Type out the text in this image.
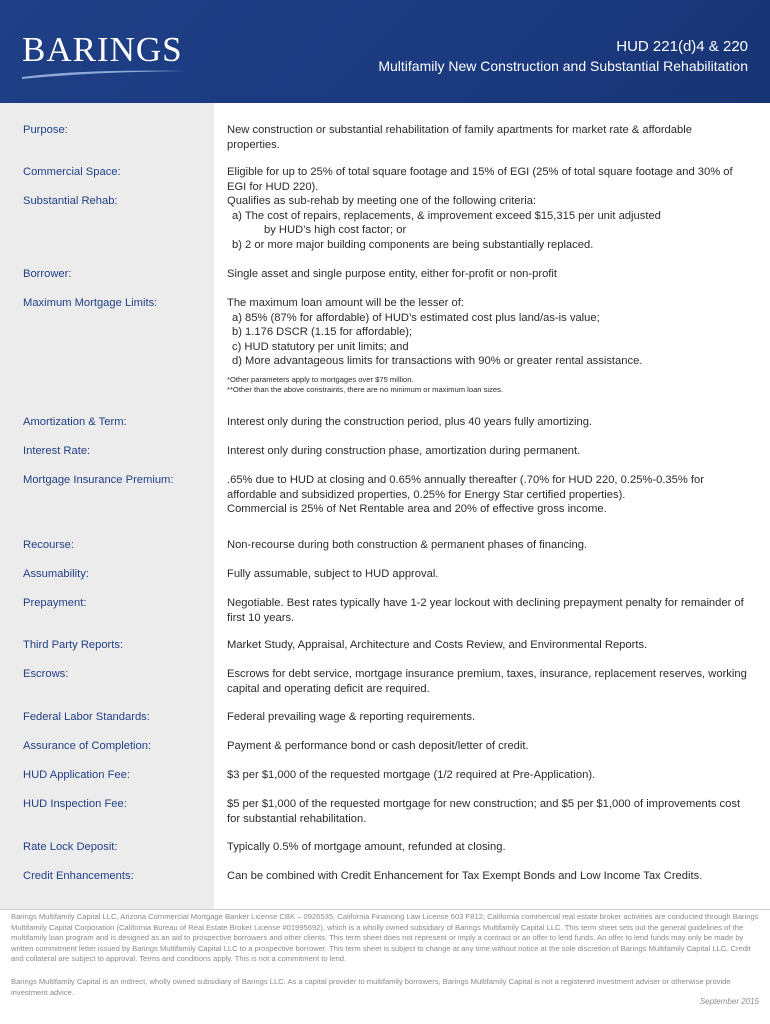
BARINGS	HUD 221(d)4 & 220
Multifamily New Construction and Substantial Rehabilitation
Purpose:	New construction or substantial rehabilitation of family apartments for market rate & affordable properties.
Commercial Space:	Eligible for up to 25% of total square footage and 15% of EGI (25% of total square footage and 30% of EGI for HUD 220).
Substantial Rehab:	Qualifies as sub-rehab by meeting one of the following criteria:
a) The cost of repairs, replacements, & improvement exceed $15,315 per unit adjusted
by HUD’s high cost factor; or
b) 2 or more major building components are being substantially replaced.
Borrower:	Single asset and single purpose entity, either for-profit or non-profit
Maximum Mortgage Limits:	The maximum loan amount will be the lesser of:
a) 85% (87% for affordable) of HUD’s estimated cost plus land/as-is value;
b) 1.176 DSCR (1.15 for affordable);
c) HUD statutory per unit limits; and
d) More advantageous limits for transactions with 90% or greater rental assistance.
*Other parameters apply to mortgages over $75 million.
**Other than the above constraints, there are no minimum or maximum loan sizes.
Amortization & Term:	Interest only during the construction period, plus 40 years fully amortizing.
Interest Rate:	Interest only during construction phase, amortization during permanent.
Mortgage Insurance Premium:	.65% due to HUD at closing and 0.65% annually thereafter (.70% for HUD 220, 0.25%-0.35% for affordable and subsidized properties, 0.25% for Energy Star certified properties).
Commercial is 25% of Net Rentable area and 20% of effective gross income.
Recourse:	Non-recourse during both construction & permanent phases of financing.
Assumability:	Fully assumable, subject to HUD approval.
Prepayment:	Negotiable. Best rates typically have 1-2 year lockout with declining prepayment penalty for remainder of first 10 years.
Third Party Reports:	Market Study, Appraisal, Architecture and Costs Review, and Environmental Reports.
Escrows:	Escrows for debt service, mortgage insurance premium, taxes, insurance, replacement reserves, working capital and operating deficit are required.
Federal Labor Standards:	Federal prevailing wage & reporting requirements.
Assurance of Completion:	Payment & performance bond or cash deposit/letter of credit.
HUD Application Fee:	$3 per $1,000 of the requested mortgage (1/2 required at Pre-Application).
HUD Inspection Fee:	$5 per $1,000 of the requested mortgage for new construction; and $5 per $1,000 of improvements cost for substantial rehabilitation.
Rate Lock Deposit:	Typically 0.5% of mortgage amount, refunded at closing.
Credit Enhancements:	Can be combined with Credit Enhancement for Tax Exempt Bonds and Low Income Tax Credits.
Barings Multifamily Capital LLC, Arizona Commercial Mortgage Banker License CBK – 0926535, California Financing Law License 603 F812; California commercial real estate broker activities are conducted through Barings Multifamily Capital Corporation (California Bureau of Real Estate Broker License #01995692), which is a wholly owned subsidiary of Barings Multifamily Capital LLC. This term sheet sets out the general guidelines of the multifamily loan program and is designed as an aid to prospective borrowers and other clients. This term sheet does not represent or imply a contract or an offer to lend funds. An offer to lend funds may only be made by written commitment letter issued by Barings Multifamily Capital LLC to a prospective borrower. This term sheet is subject to change at any time without notice at the sole discretion of Barings Multifamily Capital LLC. Credit and collateral are subject to approval. Terms and conditions apply. This is not a commitment to lend.
Barings Multifamily Capital is an indirect, wholly owned subsidiary of Barings LLC. As a capital provider to multifamily borrowers, Barings Multifamily Capital is not a registered investment adviser or otherwise provide investment advice.
September 2015
